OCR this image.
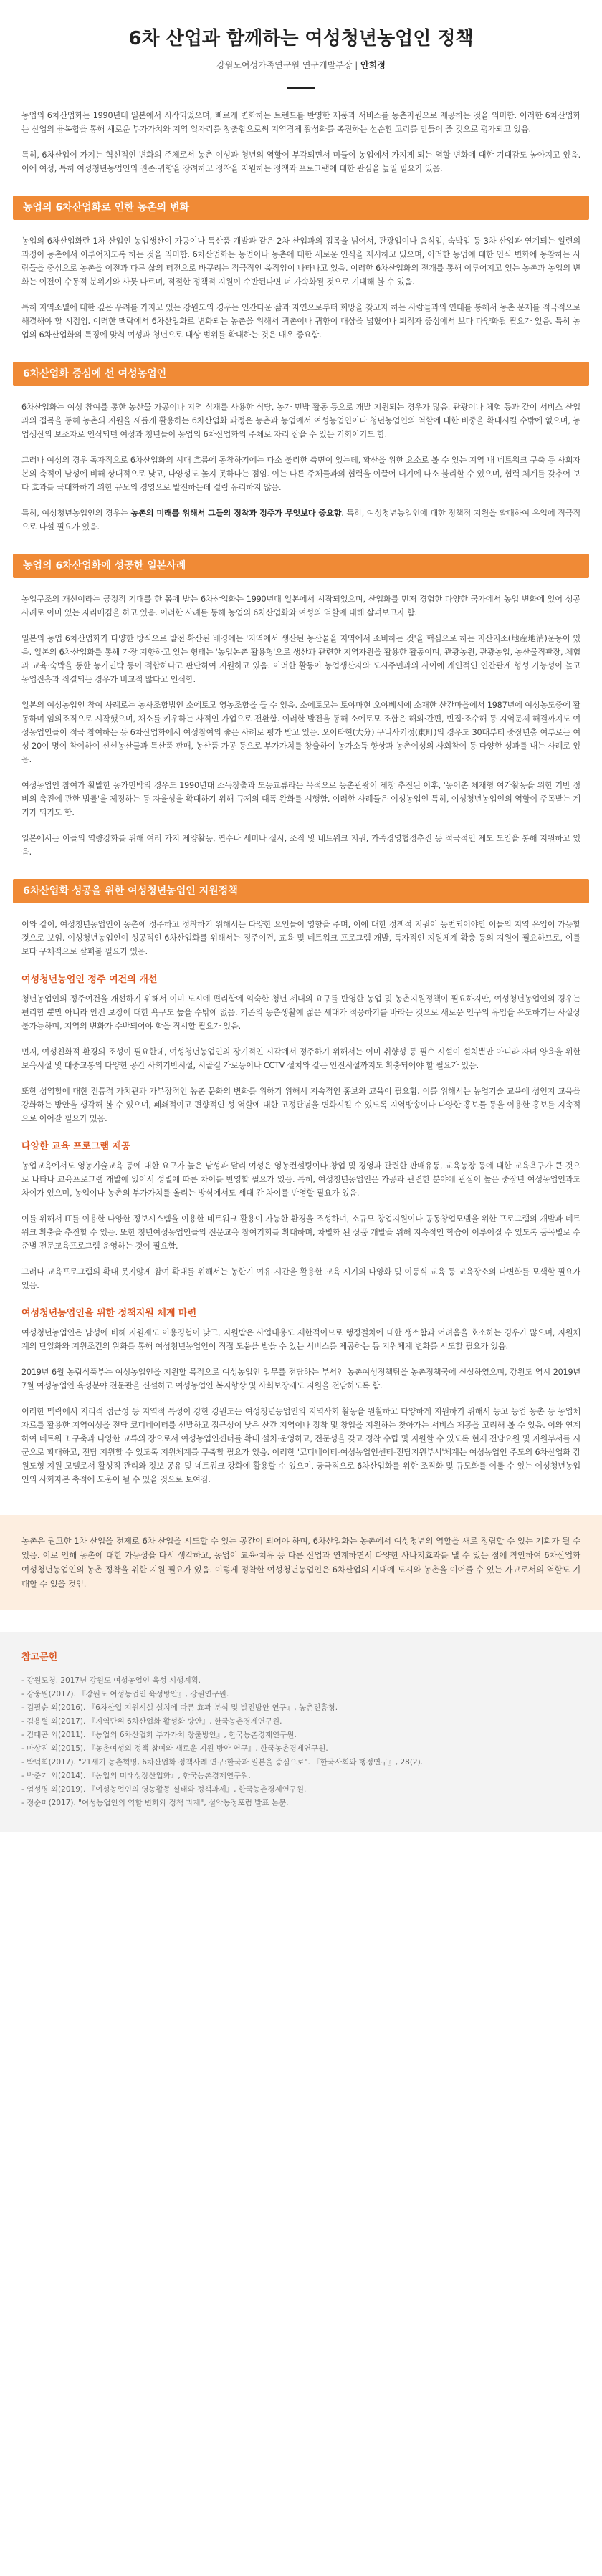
6차 산업과 함께하는 여성청년농업인 정책
강원도여성가족연구원 연구개발부장 | 안희정

농업의 6차산업화는 1990년대 일본에서 시작되었으며, 빠르게 변화하는 트렌드를 반영한 제품과 서비스를 농촌자원으로 제공하는 것을 의미함. 이러한 6차산업화는 산업의 융복합을 통해 새로운 부가가치와 지역 일자리를 창출함으로써 지역경제 활성화를 촉진하는 선순환 고리를 만들어 줄 것으로 평가되고 있음.

특히, 6차산업이 가지는 혁신적인 변화의 주체로서 농촌 여성과 청년의 역할이 부각되면서 미들이 농업에서 가지게 되는 역할 변화에 대한 기대감도 높아지고 있음. 이에 여성, 특히 여성청년농업인의 권존·귀향을 장려하고 정착을 지원하는 정책과 프로그램에 대한 관심을 높일 필요가 있음.

농업의 6차산업화로 인한 농촌의 변화

농업의 6차산업화란 1차 산업인 농업생산이 가공이나 특산품 개발과 같은 2차 산업과의 접목을 넘어서, 관광업이나 음식업, 숙박업 등 3차 산업과 연계되는 일련의 과정이 농촌에서 이루어지도록 하는 것을 의미함. 6차산업화는 농업이나 농촌에 대한 새로운 인식을 제시하고 있으며, 이러한 농업에 대한 인식 변화에 동참하는 사람들을 중심으로 농촌을 이전과 다른 삶의 터전으로 바꾸려는 적극적인 움직임이 나타나고 있음. 이러한 6차산업화의 전개를 통해 이루어지고 있는 농촌과 농업의 변화는 이전이 수동적 분위기와 사뭇 다르며, 적절한 정책적 지원이 수반된다면 더 가속화될 것으로 기대해 볼 수 있음.

특히 지역소멸에 대한 깊은 우려를 가지고 있는 강원도의 경우는 인간다운 삶과 자연으로부터 희망을 찾고자 하는 사람들과의 연대를 통해서 농촌 문제를 적극적으로 해결해야 할 시점임. 이러한 맥락에서 6차산업화로 변화되는 농촌을 위해서 귀촌이나 귀향이 대상을 넓혔어나 퇴직자 중심에서 보다 다양화될 필요가 있음. 특히 농업의 6차산업화의 특징에 맞춰 여성과 청년으로 대상 범위를 확대하는 것은 매우 중요함.

6차산업화 중심에 선 여성농업인

6차산업화는 여성 참여를 통한 농산물 가공이나 지역 식재를 사용한 식당, 농가 민박 활동 등으로 개발 지원되는 경우가 많음. 관광이나 체험 등과 같이 서비스 산업과의 접목을 통해 농촌의 지원을 새롭게 활용하는 6차산업화 과정은 농촌과 농업에서 여성농업인이나 청년농업인의 역할에 대한 비중을 확대시킬 수밖에 없으며, 농업생산의 보조자로 인식되던 여성과 청년들이 농업의 6차산업화의 주체로 자리 잡을 수 있는 기회이기도 함.

그러나 여성의 경우 독자적으로 6차산업화의 시대 흐름에 동참하기에는 다소 불리한 측면이 있는데, 확산을 위한 요소로 볼 수 있는 지역 내 네트워크 구축 등 사회자본의 축적이 남성에 비해 상대적으로 낮고, 다양성도 높지 못하다는 점임. 이는 다른 주체들과의 협력을 이끌어 내기에 다소 불리할 수 있으며, 협력 체계를 갖추어 보다 효과를 극대화하기 위한 규모의 경영으로 발전하는데 걸림 유리하지 않음.

특히, 여성청년농업인의 경우는 농촌의 미래를 위해서 그들의 정착과 정주가 무엇보다 중요함. 특히, 여성청년농업인에 대한 정책적 지원을 확대하여 유입에 적극적으로 나설 필요가 있음.

농업의 6차산업화에 성공한 일본사례

농업구조의 개선이라는 궁정적 기대를 한 몸에 받는 6차산업화는 1990년대 일본에서 시작되었으며, 산업화를 먼저 경험한 다양한 국가에서 농업 변화에 있어 성공사례로 이미 있는 자리매김을 하고 있음. 이러한 사례를 통해 농업의 6차산업화와 여성의 역할에 대해 살펴보고자 함.

일본의 농업 6차산업화가 다양한 방식으로 발전·확산된 배경에는 '지역에서 생산된 농산물을 지역에서 소비하는 것'을 핵심으로 하는 지산지소(地産地消)운동이 있음. 일본의 6차산업화를 통해 가장 지향하고 있는 형태는 '농업논촌 활용형'으로 생산과 관련한 지역자원을 활용한 활동이며, 관광농원, 관광농업, 농산물직판장, 체험과 교육·숙박을 통한 농가민박 등이 적합하다고 판단하여 지원하고 있음. 이러한 활동이 농업생산자와 도시주민과의 사이에 개인적인 인간관계 형성 가능성이 높고 농업진흥과 직결되는 경우가 비교적 많다고 인식함.

일본의 여성농업인 참여 사례로는 농사조합법인 소에토모 영농조합을 들 수 있음. 소에토모는 토야마현 오야베시에 소재한 산간마을에서 1987년에 여성농도중에 활동하며 임의조직으로 시작했으며, 채소를 키우하는 사적인 가업으로 전환함. 이러한 발전을 통해 소에토모 조합은 해외·간편, 빈집·조수해 등 지역문제 해결까지도 여성농업인들이 적극 참여하는 등 6차산업화에서 여성참여의 좋은 사례로 평가 받고 있음. 오이타현(大分) 구니사키정(東町)의 경우도 30대부터 중장년층 여부로는 여성 20여 명이 참여하여 신선농산물과 특산품 판매, 농산품 가공 등으로 부가가치를 창출하여 농가소득 향상과 농촌여성의 사회참여 등 다양한 성과를 내는 사례로 있음.

여성농업인 참여가 활발한 농가민박의 경우도 1990년대 소득창출과 도농교류라는 목적으로 농촌관광이 제창 추진된 이후, '농어촌 체재형 여가활동을 위한 기반 정비의 촉진에 관한 법률'을 제정하는 등 자율성을 확대하기 위해 규제의 대폭 완화를 시행함. 이러한 사례들은 여성농업인 특히, 여성청년농업인의 역할이 주목받는 계기가 되기도 함.

일본에서는 이들의 역량강화를 위해 여러 가지 제양활동, 연수나 세미나 실시, 조직 및 네트워크 지원, 가족경영협정추진 등 적극적인 제도 도입을 통해 지원하고 있음.

6차산업화 성공을 위한 여성청년농업인 지원정책

이와 같이, 여성청년농업인이 농촌에 정주하고 정착하기 위해서는 다양한 요인들이 영향을 주며, 이에 대한 정책적 지원이 농번되어야만 이들의 지역 유입이 가능할 것으로 보임. 여성청년농업인이 성공적인 6차산업화를 위해서는 정주여건, 교육 및 네트워크 프로그램 개발, 독자적인 지원체계 확충 등의 지원이 필요하므로, 이를 보다 구체적으로 살펴볼 필요가 있음.

여성청년농업인 정주 여건의 개선

청년농업인의 정주여건을 개선하기 위해서 이미 도시에 편리함에 익숙한 청년 세대의 요구를 반영한 농업 및 농촌지원정책이 필요하지만, 여성청년농업인의 경우는 편리함 뿐만 아니라 안전 보장에 대한 욕구도 높을 수밖에 없음. 기존의 농촌생활에 젊은 세대가 적응하기를 바라는 것으로 새로운 인구의 유입을 유도하기는 사실상 불가능하며, 지역의 변화가 수반되어야 함을 직시할 필요가 있음.

먼저, 여성친화적 환경의 조성이 필요한데, 여성청년농업인의 장기적인 시각에서 정주하기 위해서는 이미 취향성 등 필수 시설이 설치뿐만 아니라 자녀 양육을 위한 보육시설 및 대중교통의 다양한 공간 사회기반시설, 시골길 가로등이나 CCTV 설치와 같은 안전시설까지도 확충되어야 할 필요가 있음.

또한 성역할에 대한 전통적 가치관과 가부장적인 농촌 문화의 변화를 위하기 위해서 지속적인 홍보와 교육이 필요함. 이를 위해서는 농업기술 교육에 성인지 교육을 강화하는 방안을 생각해 볼 수 있으며, 폐쇄적이고 편향적인 성 역할에 대한 고정관념을 변화시킬 수 있도록 지역방송이나 다양한 홍보물 등을 이용한 홍보를 지속적으로 이어갈 필요가 있음.

다양한 교육 프로그램 제공

농업교육에서도 영농기술교육 등에 대한 요구가 높은 남성과 달리 여성은 영농컨설팅이나 창업 및 경영과 관련한 판매유통, 교육농장 등에 대한 교육욕구가 큰 것으로 나타나 교육프로그램 개발에 있어서 성별에 따른 차이를 반영할 필요가 있음. 특히, 여성청년농업인은 가공과 관련한 분야에 관심이 높은 중장년 여성농업인과도 차이가 있으며, 농업이나 농촌의 부가가치를 올리는 방식에서도 세대 간 차이를 반영할 필요가 있음.

이를 위해서 IT를 이용한 다양한 정보시스템을 이용한 네트워크 활용이 가능한 환경을 조성하며, 소규모 창업지원이나 공동창업모델을 위한 프로그램의 개발과 네트워크 확충을 추진할 수 있음. 또한 청년여성농업인들의 전문교육 참여기회를 확대하며, 차별화 된 상품 개발을 위해 지속적인 학습이 이루어질 수 있도록 품목별로 수준별 전문교육프로그램 운영하는 것이 필요함.

그러나 교육프로그램의 확대 못지않게 참여 확대를 위해서는 농한기 여유 시간을 활용한 교육 시기의 다양화 및 이동식 교육 등 교육장소의 다변화를 모색할 필요가 있음.

여성청년농업인을 위한 정책지원 체계 마련

여성청년농업인은 남성에 비해 지원제도 이용경험이 낮고, 지원받은 사업내용도 제한적이므로 행정절차에 대한 생소함과 어려움을 호소하는 경우가 많으며, 지원체계의 단일화와 지원조건의 완화를 통해 여성청년농업인이 직접 도움을 받을 수 있는 서비스를 제공하는 등 지원체계 변화를 시도할 필요가 있음.

2019년 6월 농림식품부는 여성농업인을 지원할 목적으로 여성농업인 업무를 전담하는 부서인 농촌여성정책팀을 농촌정책국에 신설하였으며, 강원도 역시 2019년 7월 여성농업인 육성분야 전문관을 신설하고 여성농업인 복지향상 및 사회보장제도 지원을 전담하도록 함.

이러한 맥락에서 지리적 접근성 등 지역적 특성이 강한 강원도는 여성청년농업인의 지역사회 활동을 원활하고 다양하게 지원하기 위해서 농고 농업 농촌 등 농업체 자료를 활용한 지역여성을 전담 코디네이터를 선발하고 접근성이 낮은 산간 지역이나 정착 및 창업을 지원하는 찾아가는 서비스 제공을 고려해 볼 수 있음. 이와 연계하여 네트워크 구축과 다양한 교류의 장으로서 여성농업인센터를 확대 설치·운영하고, 전문성을 갖고 정착 수립 및 지원할 수 있도록 현재 전담요원 및 지원부서를 시군으로 확대하고, 전담 지원할 수 있도록 지원체계를 구축할 필요가 있음. 이러한 '코디네이터-여성농업인센터-전담지원부서'체계는 여성농업인 주도의 6차산업화 강원도형 지원 모델로서 활성적 관리와 정보 공유 및 네트워크 강화에 활용할 수 있으며, 궁극적으로 6차산업화를 위한 조직화 및 규모화를 이룰 수 있는 여성청년농업인의 사회자본 축적에 도움이 될 수 있을 것으로 보여짐.

농촌은 권고한 1차 산업을 전제로 6차 산업을 시도할 수 있는 공간이 되어야 하며, 6차산업화는 농촌에서 여성청년의 역할을 새로 정립할 수 있는 기회가 될 수 있음. 이로 인해 농촌에 대한 가능성을 다시 생각하고, 농업이 교육·치유 등 다른 산업과 연계하면서 다양한 사나지효과를 낼 수 있는 점에 착안하여 6차산업화 여성청년농업인의 농촌 정착을 위한 지원 필요가 있음. 이렇게 정착한 여성청년농업인은 6차산업의 시대에 도시와 농촌을 이어줄 수 있는 가교로서의 역할도 기대할 수 있을 것임.

참고문헌
- 강원도청. 2017년 강원도 여성농업인 육성 시행계획.
- 강웅원(2017). 『강원도 여성농업인 육성방안』, 강원연구원.
- 김필순 외(2016). 『6차산업 지원시설 설치에 따른 효과 분석 및 발전방안 연구』, 농촌진흥청.
- 김용렬 외(2017). 『지역단위 6차산업화 활성화 방안』, 한국농촌경제연구원.
- 김태곤 외(2011). 『농업의 6차산업화 부가가치 창출방안』, 한국농촌경제연구원.
- 마상진 외(2015). 『농촌여성의 정책 참여와 새로운 지원 방안 연구』, 한국농촌경제연구원.
- 박덕희(2017). "21세기 농촌혁명, 6차산업화 정책사례 연구:한국과 일본을 중심으로". 『한국사회와 행정연구』, 28(2).
- 박준기 외(2014). 『농업의 미래성장산업화』, 한국농촌경제연구원.
- 엄성명 외(2019). 『여성농업인의 영농활동 실태와 정책과제』, 한국농촌경제연구원.
- 정순미(2017). "여성농업인의 역할 변화와 정책 과제", 설악농정포럼 발표 논문.
